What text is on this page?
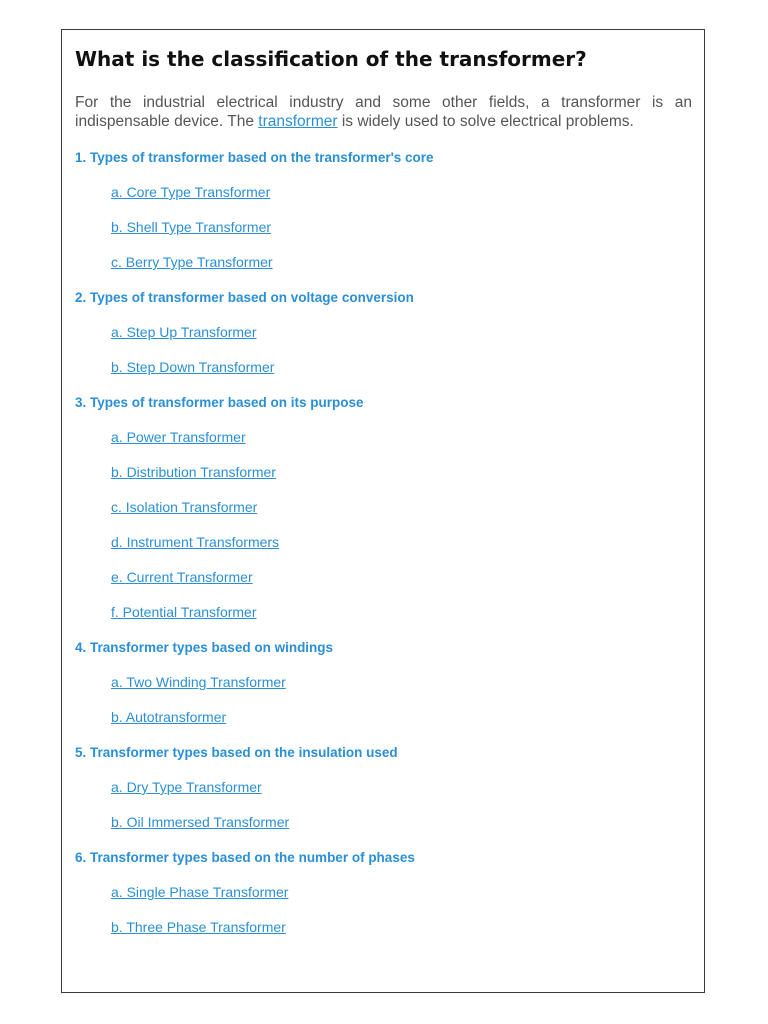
What is the classification of the transformer?

For the industrial electrical industry and some other fields, a transformer is an indispensable device. The transformer is widely used to solve electrical problems.

1. Types of transformer based on the transformer's core
a. Core Type Transformer
b. Shell Type Transformer
c. Berry Type Transformer
2. Types of transformer based on voltage conversion
a. Step Up Transformer
b. Step Down Transformer
3. Types of transformer based on its purpose
a. Power Transformer
b. Distribution Transformer
c. Isolation Transformer
d. Instrument Transformers
e. Current Transformer
f. Potential Transformer
4. Transformer types based on windings
a. Two Winding Transformer
b. Autotransformer
5. Transformer types based on the insulation used
a. Dry Type Transformer
b. Oil Immersed Transformer
6. Transformer types based on the number of phases
a. Single Phase Transformer
b. Three Phase Transformer
